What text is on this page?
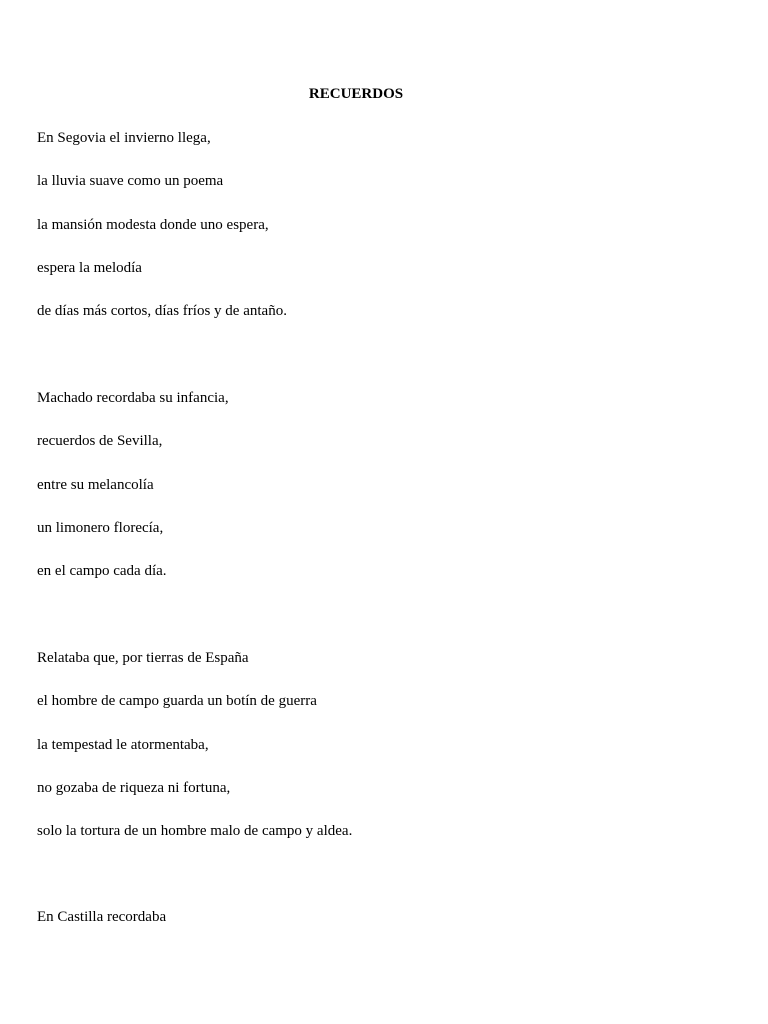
RECUERDOS
En Segovia el invierno llega,
la lluvia suave como un poema
la mansión modesta donde uno espera,
espera la melodía
de días más cortos, días fríos y de antaño.
Machado recordaba su infancia,
recuerdos de Sevilla,
entre su melancolía
un limonero florecía,
en el campo cada día.
Relataba que, por tierras de España
el hombre de campo guarda un botín de guerra
la tempestad le atormentaba,
no gozaba de riqueza ni fortuna,
solo la tortura de un hombre malo de campo y aldea.
En Castilla recordaba
